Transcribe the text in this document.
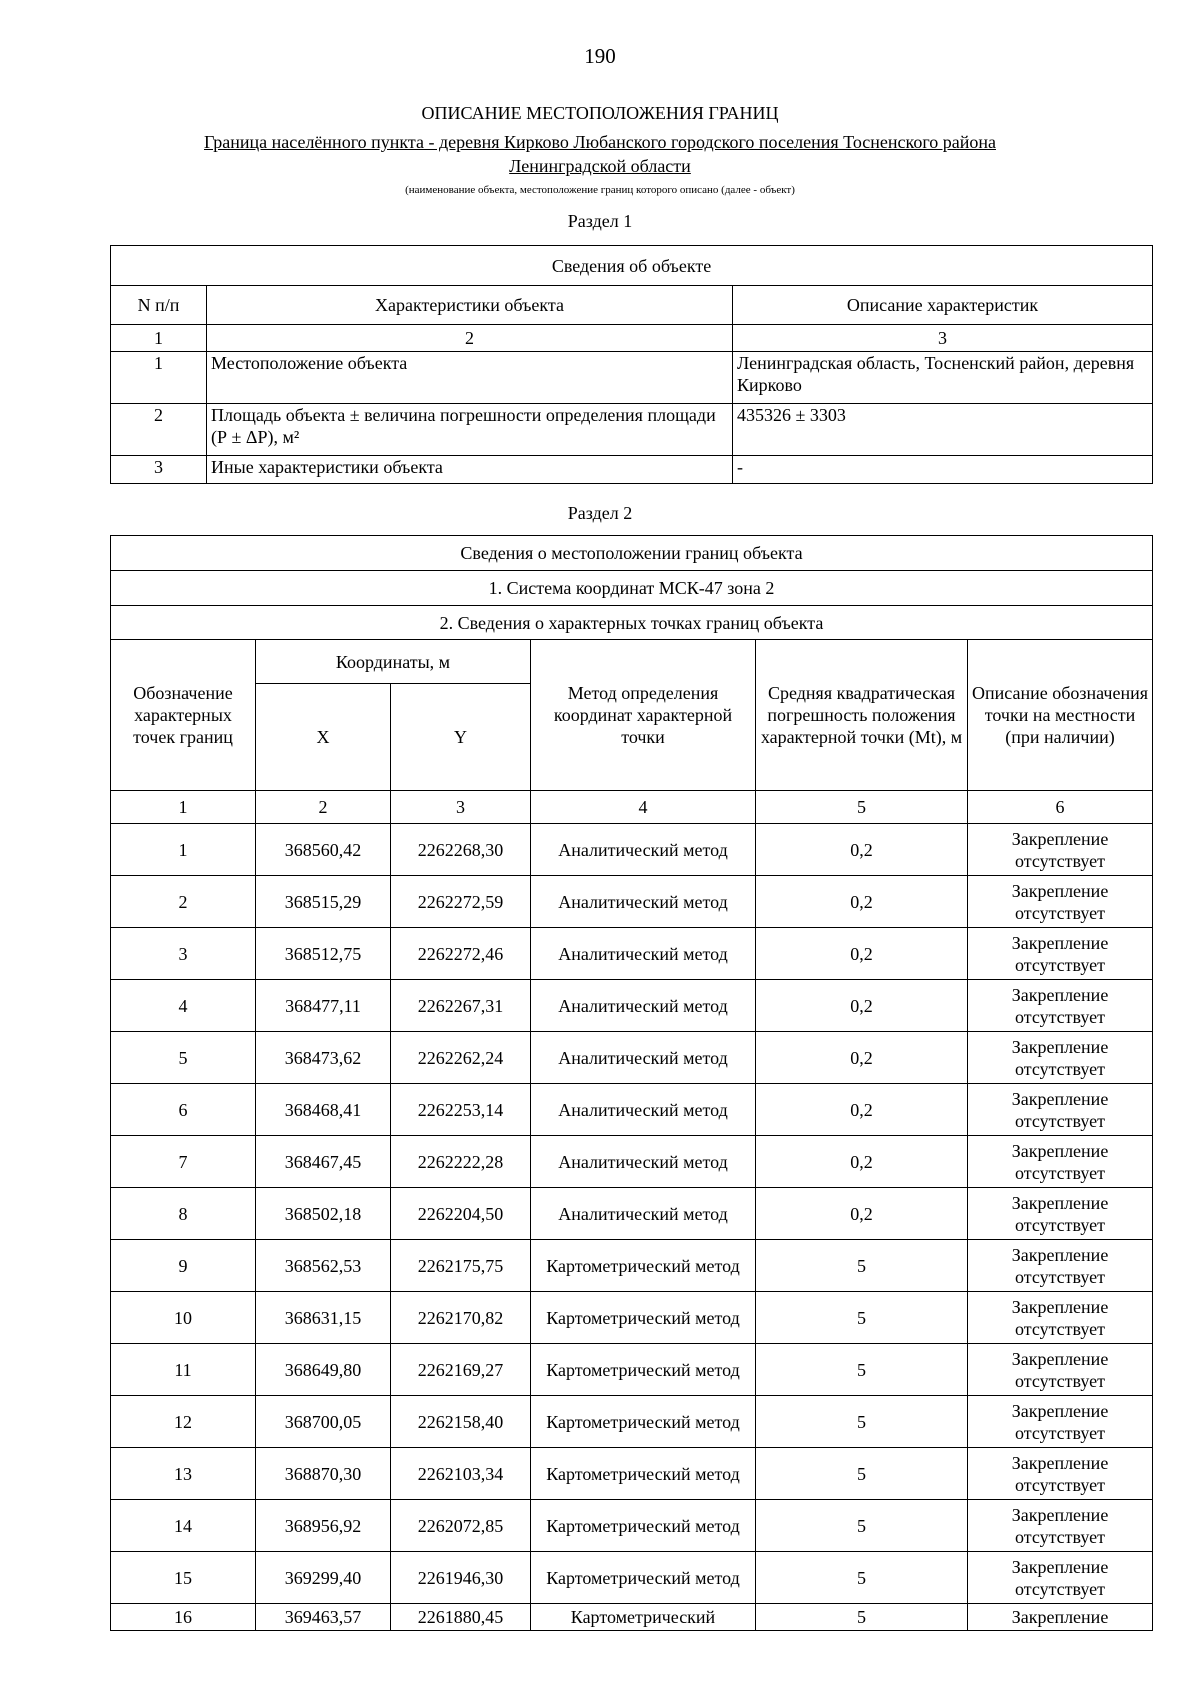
190
ОПИСАНИЕ МЕСТОПОЛОЖЕНИЯ ГРАНИЦ
Граница населённого пункта - деревня Кирково Любанского городского поселения Тосненского района Ленинградской области
(наименование объекта, местоположение границ которого описано (далее - объект)
Раздел 1
Сведения об объекте		
N п/п	Характеристики объекта	Описание характеристик
1	2	3
1	Местоположение объекта	Ленинградская область, Тосненский район, деревня Кирково
2	Площадь объекта ± величина погрешности определения площади (Р ± ΔР), м²	435326 ± 3303
3	Иные характеристики объекта	-
Раздел 2
Сведения о местоположении границ объекта					
1. Система координат МСК-47 зона 2					
2. Сведения о характерных точках границ объекта					
Обозначение характерных точек границ	Координаты, м		Метод определения координат характерной точки	Средняя квадратическая погрешность положения характерной точки (Mt), м	Описание обозначения точки на местности (при наличии)
	X	Y			
1	2	3	4	5	6
1	368560,42	2262268,30	Аналитический метод	0,2	Закрепление отсутствует
2	368515,29	2262272,59	Аналитический метод	0,2	Закрепление отсутствует
3	368512,75	2262272,46	Аналитический метод	0,2	Закрепление отсутствует
4	368477,11	2262267,31	Аналитический метод	0,2	Закрепление отсутствует
5	368473,62	2262262,24	Аналитический метод	0,2	Закрепление отсутствует
6	368468,41	2262253,14	Аналитический метод	0,2	Закрепление отсутствует
7	368467,45	2262222,28	Аналитический метод	0,2	Закрепление отсутствует
8	368502,18	2262204,50	Аналитический метод	0,2	Закрепление отсутствует
9	368562,53	2262175,75	Картометрический метод	5	Закрепление отсутствует
10	368631,15	2262170,82	Картометрический метод	5	Закрепление отсутствует
11	368649,80	2262169,27	Картометрический метод	5	Закрепление отсутствует
12	368700,05	2262158,40	Картометрический метод	5	Закрепление отсутствует
13	368870,30	2262103,34	Картометрический метод	5	Закрепление отсутствует
14	368956,92	2262072,85	Картометрический метод	5	Закрепление отсутствует
15	369299,40	2261946,30	Картометрический метод	5	Закрепление отсутствует
16	369463,57	2261880,45	Картометрический	5	Закрепление
